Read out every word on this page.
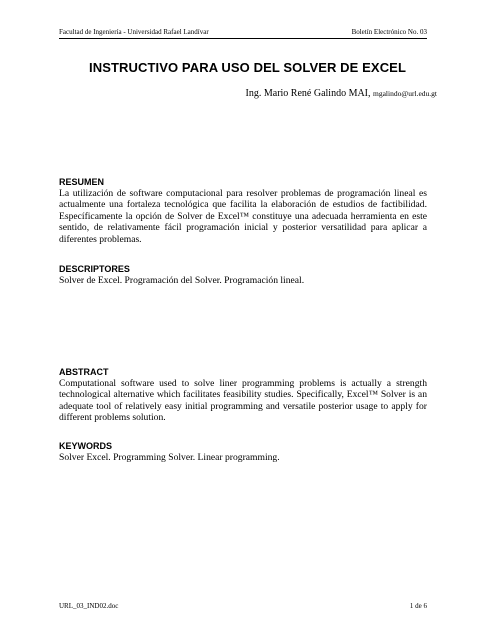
Facultad de Ingeniería - Universidad Rafael Landívar	Boletín Electrónico No. 03
INSTRUCTIVO PARA USO DEL SOLVER DE EXCEL
Ing. Mario René Galindo MAI, mgalindo@url.edu.gt
RESUMEN
La utilización de software computacional para resolver problemas de programación lineal es actualmente una fortaleza tecnológica que facilita la elaboración de estudios de factibilidad. Específicamente la opción de Solver de Excel™ constituye una adecuada herramienta en este sentido, de relativamente fácil programación inicial y posterior versatilidad para aplicar a diferentes problemas.
DESCRIPTORES
Solver de Excel. Programación del Solver. Programación lineal.
ABSTRACT
Computational software used to solve liner programming problems is actually a strength technological alternative which facilitates feasibility studies. Specifically, Excel™ Solver is an adequate tool of relatively easy initial programming and versatile posterior usage to apply for different problems solution.
KEYWORDS
Solver Excel. Programming Solver. Linear programming.
URL_03_IND02.doc	1 de 6
